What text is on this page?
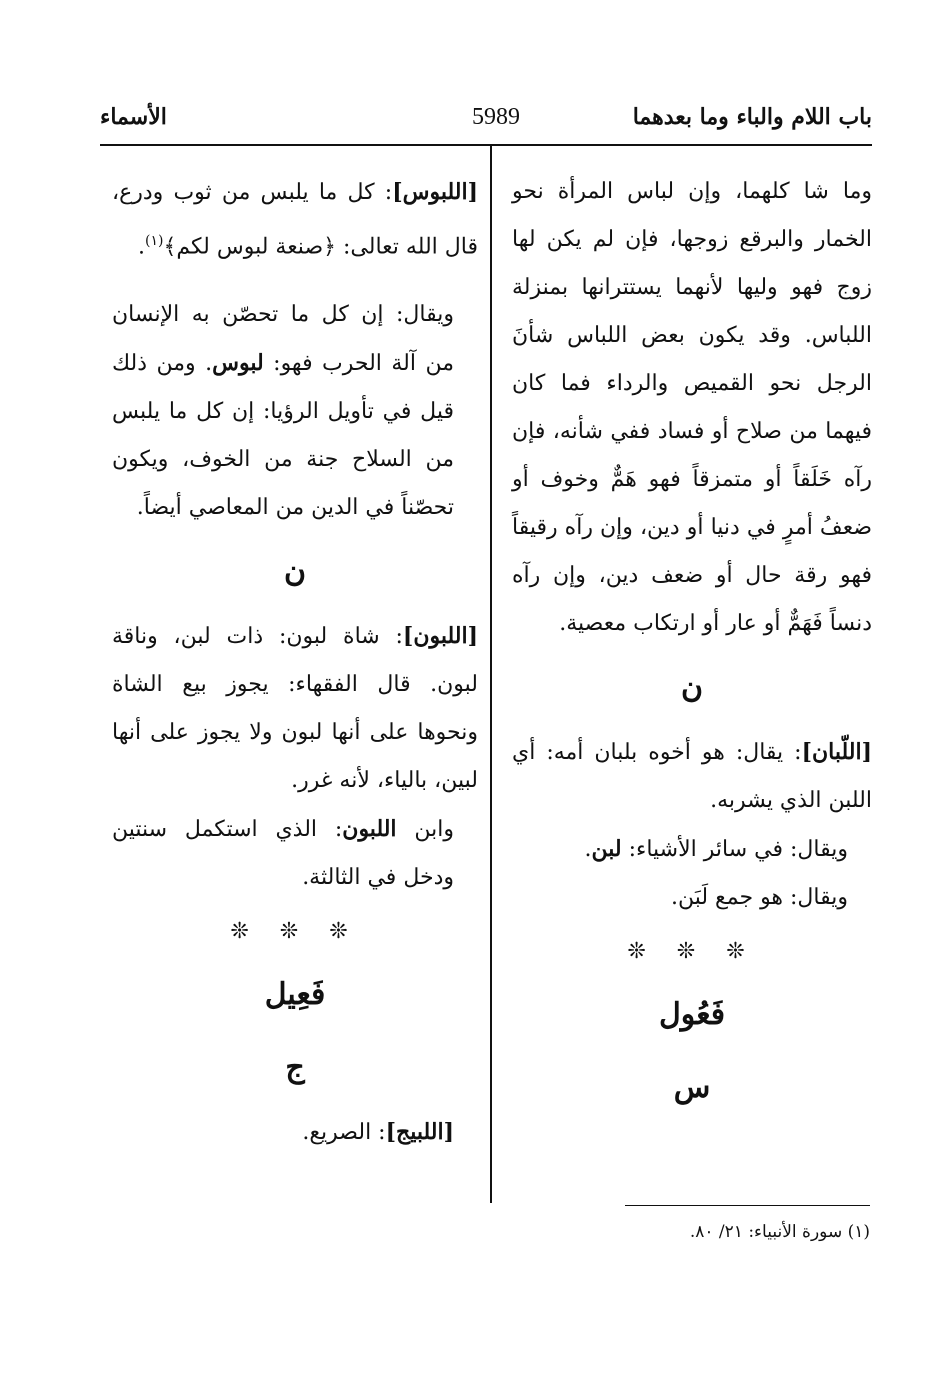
باب اللام والباء وما بعدهما
5989
الأسماء

وما شا كلهما، وإن لباس المرأة نحو الخمار والبرقع زوجها، فإن لم يكن لها زوج فهو وليها لأنهما يستترانها بمنزلة اللباس. وقد يكون بعض اللباس شأنَ الرجل نحو القميص والرداء فما كان فيهما من صلاح أو فساد ففي شأنه، فإن رآه خَلَقاً أو متمزقاً فهو هَمٌّ وخوف أو ضعفُ أمرٍ في دنيا أو دين، وإن رآه رقيقاً فهو رقة حال أو ضعف دين، وإن رآه دنساً فَهَمٌّ أو عار أو ارتكاب معصية.

ن

[اللّبان]: يقال: هو أخوه بلبان أمه: أي اللبن الذي يشربه.

ويقال: في سائر الأشياء: لبن.

ويقال: هو جمع لَبَن.

❊ ❊ ❊
فَعُول
س

[اللبوس]: كل ما يلبس من ثوب ودرع، قال الله تعالى: ﴿صنعة لبوس لكم﴾$^{(١)}$.

ويقال: إن كل ما تحصّن به الإنسان من آلة الحرب فهو: لبوس. ومن ذلك قيل في تأويل الرؤيا: إن كل ما يلبس من السلاح جنة من الخوف، ويكون تحصّناً في الدين من المعاصي أيضاً.

ن

[اللبون]: شاة لبون: ذات لبن، وناقة لبون. قال الفقهاء: يجوز بيع الشاة ونحوها على أنها لبون ولا يجوز على أنها لبين، بالياء، لأنه غرر.

وابن اللبون: الذي استكمل سنتين ودخل في الثالثة.

❊ ❊ ❊
فَعِيل
ج

[اللبيج]: الصريع.

(١) سورة الأنبياء: ٢١/ ٨٠.
